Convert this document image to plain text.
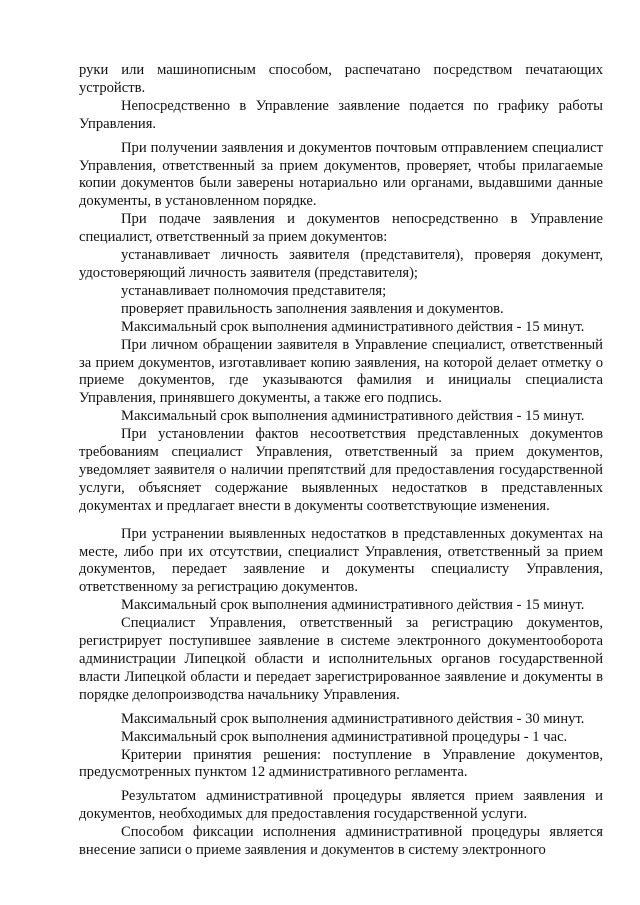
руки или машинописным способом, распечатано посредством печатающих устройств.

Непосредственно в Управление заявление подается по графику работы Управления.

При получении заявления и документов почтовым отправлением специалист Управления, ответственный за прием документов, проверяет, чтобы прилагаемые копии документов были заверены нотариально или органами, выдавшими данные документы, в установленном порядке.

При подаче заявления и документов непосредственно в Управление специалист, ответственный за прием документов:

устанавливает личность заявителя (представителя), проверяя документ, удостоверяющий личность заявителя (представителя);

устанавливает полномочия представителя;

проверяет правильность заполнения заявления и документов.

Максимальный срок выполнения административного действия - 15 минут.

При личном обращении заявителя в Управление специалист, ответственный за прием документов, изготавливает копию заявления, на которой делает отметку о приеме документов, где указываются фамилия и инициалы специалиста Управления, принявшего документы, а также его подпись.

Максимальный срок выполнения административного действия - 15 минут.

При установлении фактов несоответствия представленных документов требованиям специалист Управления, ответственный за прием документов, уведомляет заявителя о наличии препятствий для предоставления государственной услуги, объясняет содержание выявленных недостатков в представленных документах и предлагает внести в документы соответствующие изменения.

При устранении выявленных недостатков в представленных документах на месте, либо при их отсутствии, специалист Управления, ответственный за прием документов, передает заявление и документы специалисту Управления, ответственному за регистрацию документов.

Максимальный срок выполнения административного действия - 15 минут.

Специалист Управления, ответственный за регистрацию документов, регистрирует поступившее заявление в системе электронного документооборота администрации Липецкой области и исполнительных органов государственной власти Липецкой области и передает зарегистрированное заявление и документы в порядке делопроизводства начальнику Управления.

Максимальный срок выполнения административного действия - 30 минут.

Максимальный срок выполнения административной процедуры - 1 час.

Критерии принятия решения: поступление в Управление документов, предусмотренных пунктом 12 административного регламента.

Результатом административной процедуры является прием заявления и документов, необходимых для предоставления государственной услуги.

Способом фиксации исполнения административной процедуры является внесение записи о приеме заявления и документов в систему электронного
